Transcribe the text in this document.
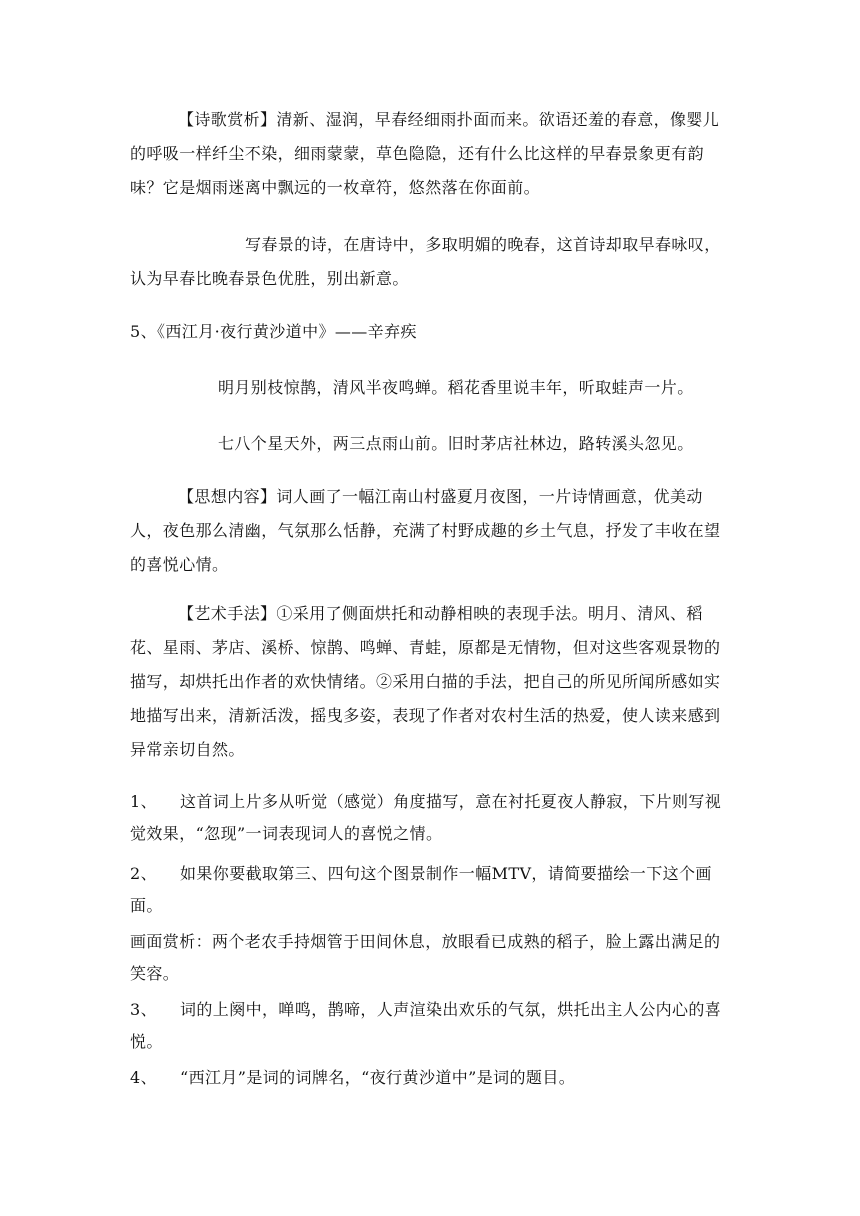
【诗歌赏析】清新、湿润，早春经细雨扑面而来。欲语还羞的春意，像婴儿的呼吸一样纤尘不染，细雨蒙蒙，草色隐隐，还有什么比这样的早春景象更有韵味？它是烟雨迷离中飘远的一枚章符，悠然落在你面前。
写春景的诗，在唐诗中，多取明媚的晚春，这首诗却取早春咏叹，认为早春比晚春景色优胜，别出新意。
5、《西江月·夜行黄沙道中》——辛弃疾
明月别枝惊鹊，清风半夜鸣蝉。稻花香里说丰年，听取蛙声一片。
七八个星天外，两三点雨山前。旧时茅店社林边，路转溪头忽见。
【思想内容】词人画了一幅江南山村盛夏月夜图，一片诗情画意，优美动人，夜色那么清幽，气氛那么恬静，充满了村野成趣的乡土气息，抒发了丰收在望的喜悦心情。
【艺术手法】①采用了侧面烘托和动静相映的表现手法。明月、清风、稻花、星雨、茅店、溪桥、惊鹊、鸣蝉、青蛙，原都是无情物，但对这些客观景物的描写，却烘托出作者的欢快情绪。②采用白描的手法，把自己的所见所闻所感如实地描写出来，清新活泼，摇曳多姿，表现了作者对农村生活的热爱，使人读来感到异常亲切自然。
1、 这首词上片多从听觉（感觉）角度描写，意在衬托夏夜人静寂，下片则写视觉效果，“忽现”一词表现词人的喜悦之情。
2、 如果你要截取第三、四句这个图景制作一幅MTV，请简要描绘一下这个画面。
画面赏析：两个老农手持烟管于田间休息，放眼看已成熟的稻子，脸上露出满足的笑容。
3、 词的上阕中，啴鸣，鹊啼，人声渲染出欢乐的气氛，烘托出主人公内心的喜悦。
4、 “西江月”是词的词牌名，“夜行黄沙道中”是词的题目。
